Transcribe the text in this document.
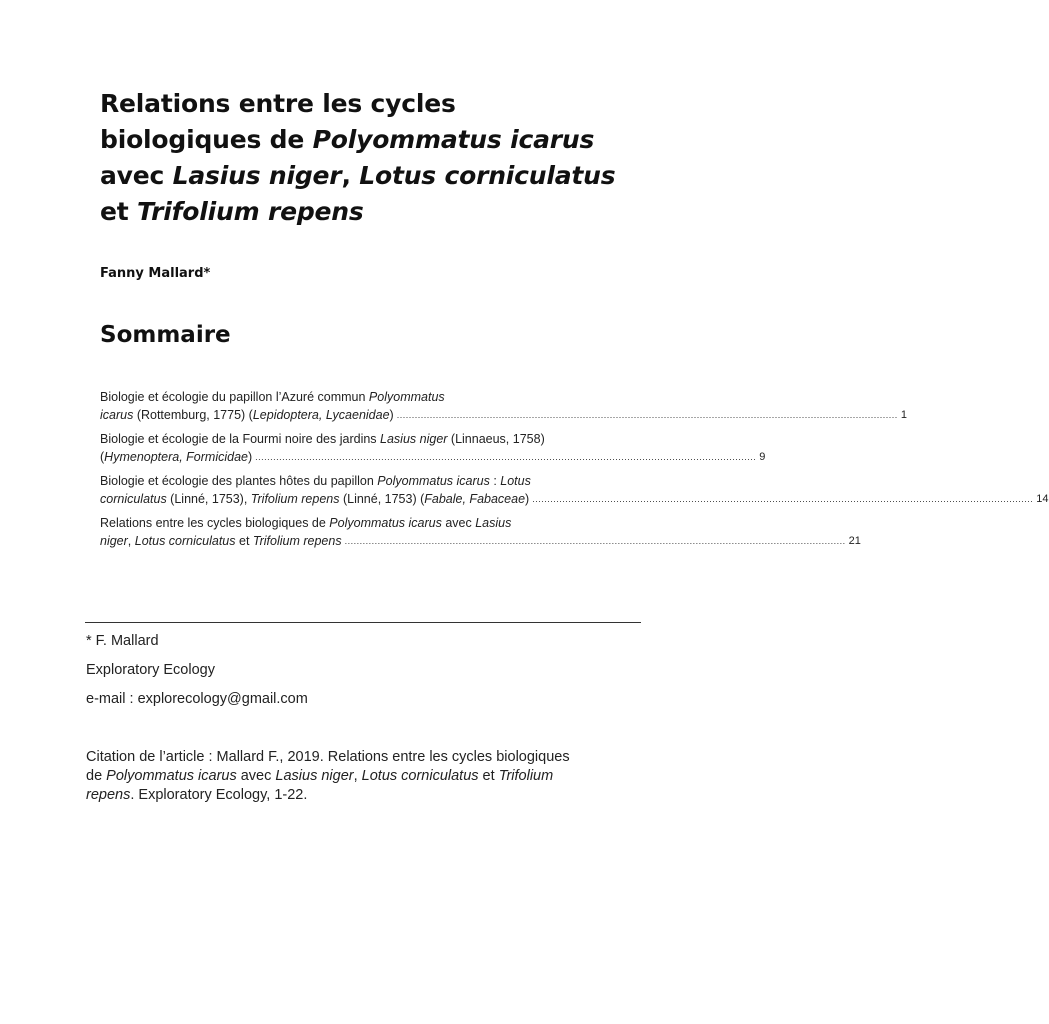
Relations entre les cycles
biologiques de Polyommatus icarus
avec Lasius niger, Lotus corniculatus
et Trifolium repens

Fanny Mallard*

Sommaire
Biologie et écologie du papillon l’Azuré commun Polyommatus
icarus (Rottemburg, 1775) (Lepidoptera, Lycaenidae) ....................................................................................................................................................................... 1
Biologie et écologie de la Fourmi noire des jardins Lasius niger (Linnaeus, 1758)
(Hymenoptera, Formicidae) ....................................................................................................................................................................... 9
Biologie et écologie des plantes hôtes du papillon Polyommatus icarus : Lotus
corniculatus (Linné, 1753), Trifolium repens (Linné, 1753) (Fabale, Fabaceae) ....................................................................................................................................................................... 14
Relations entre les cycles biologiques de Polyommatus icarus avec Lasius
niger, Lotus corniculatus et Trifolium repens ....................................................................................................................................................................... 21

* F. Mallard

Exploratory Ecology

e-mail : explorecology@gmail.com

Citation de l’article : Mallard F., 2019. Relations entre les cycles biologiques
de Polyommatus icarus avec Lasius niger, Lotus corniculatus et Trifolium
repens. Exploratory Ecology, 1-22.
